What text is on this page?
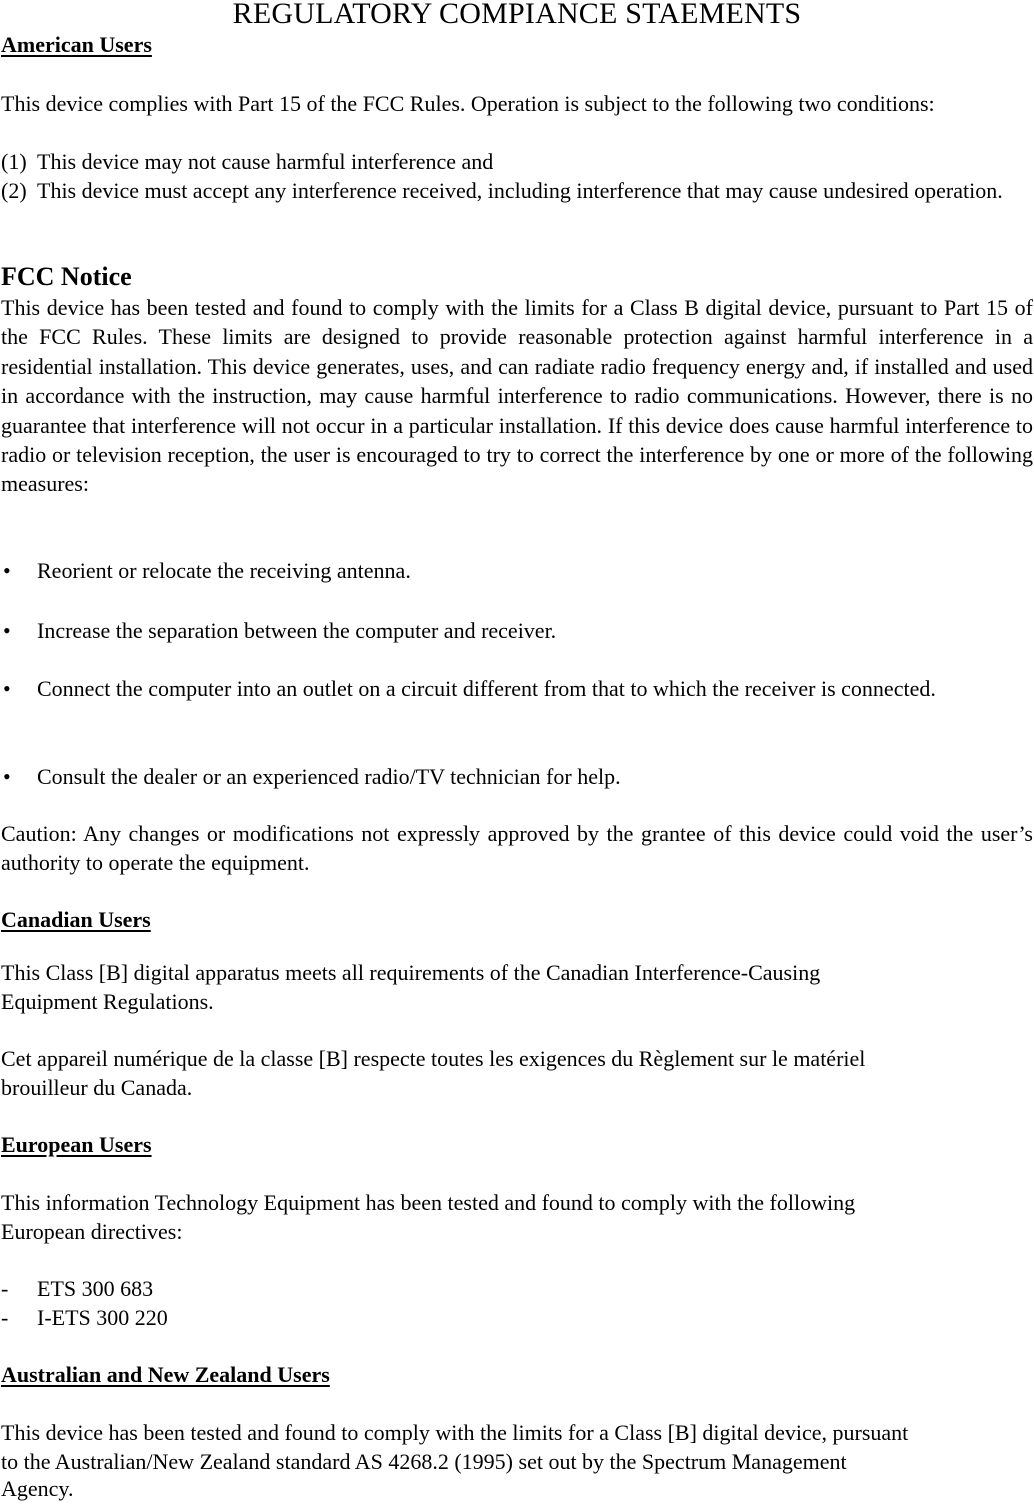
REGULATORY COMPIANCE STAEMENTS
American Users
This device complies with Part 15 of the FCC Rules. Operation is subject to the following two conditions:
(1) This device may not cause harmful interference and
(2) This device must accept any interference received, including interference that may cause undesired operation.
FCC Notice
This device has been tested and found to comply with the limits for a Class B digital device, pursuant to Part 15 of the FCC Rules. These limits are designed to provide reasonable protection against harmful interference in a residential installation. This device generates, uses, and can radiate radio frequency energy and, if installed and used in accordance with the instruction, may cause harmful interference to radio communications. However, there is no guarantee that interference will not occur in a particular installation. If this device does cause harmful interference to radio or television reception, the user is encouraged to try to correct the interference by one or more of the following measures:
• Reorient or relocate the receiving antenna.
• Increase the separation between the computer and receiver.
• Connect the computer into an outlet on a circuit different from that to which the receiver is connected.
• Consult the dealer or an experienced radio/TV technician for help.
Caution: Any changes or modifications not expressly approved by the grantee of this device could void the user’s authority to operate the equipment.
Canadian Users
This Class [B] digital apparatus meets all requirements of the Canadian Interference-Causing
Equipment Regulations.
Cet appareil numérique de la classe [B] respecte toutes les exigences du Règlement sur le matériel
brouilleur du Canada.
European Users
This information Technology Equipment has been tested and found to comply with the following
European directives:
- ETS 300 683
- I-ETS 300 220
Australian and New Zealand Users
This device has been tested and found to comply with the limits for a Class [B] digital device, pursuant
to the Australian/New Zealand standard AS 4268.2 (1995) set out by the Spectrum Management
Agency.
